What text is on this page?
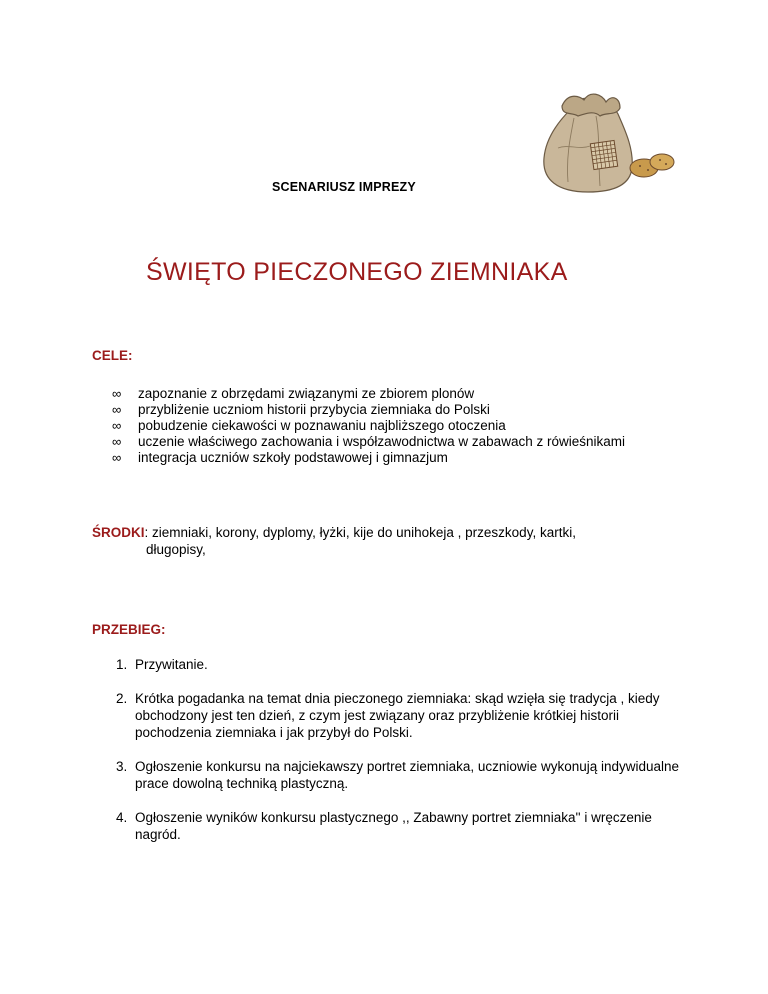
SCENARIUSZ IMPREZY
ŚWIĘTO PIECZONEGO ZIEMNIAKA
CELE:
∞ zapoznanie z obrzędami związanymi ze zbiorem plonów
∞ przybliżenie uczniom historii przybycia ziemniaka do Polski
∞ pobudzenie ciekawości w poznawaniu najbliższego otoczenia
∞ uczenie właściwego zachowania i współzawodnictwa w zabawach z rówieśnikami
∞ integracja uczniów szkoły podstawowej i gimnazjum
ŚRODKI: ziemniaki, korony, dyplomy, łyżki, kije do unihokeja , przeszkody, kartki,
długopisy,
PRZEBIEG:
1. Przywitanie.
2. Krótka pogadanka na temat dnia pieczonego ziemniaka: skąd wzięła się tradycja , kiedy obchodzony jest ten dzień, z czym jest związany oraz przybliżenie krótkiej historii pochodzenia ziemniaka i jak przybył do Polski.
3. Ogłoszenie konkursu na najciekawszy portret ziemniaka, uczniowie wykonują indywidualne prace dowolną techniką plastyczną.
4. Ogłoszenie wyników konkursu plastycznego ,, Zabawny portret ziemniaka'' i wręczenie nagród.
